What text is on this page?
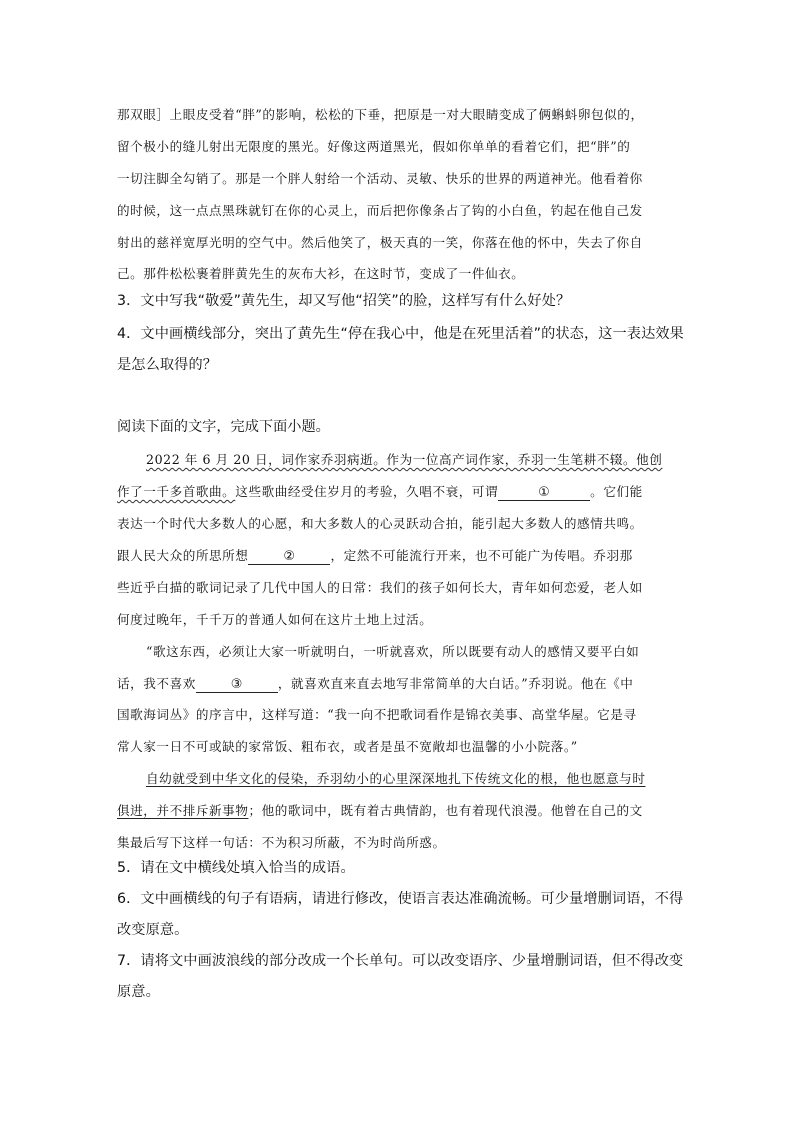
那双眼］上眼皮受着“胖”的影响，松松的下垂，把原是一对大眼睛变成了俩蝌蚪卵包似的，
留个极小的缝儿射出无限度的黑光。好像这两道黑光，假如你单单的看着它们，把“胖”的
一切注脚全勾销了。那是一个胖人射给一个活动、灵敏、快乐的世界的两道神光。他看着你
的时候，这一点点黑珠就钉在你的心灵上，而后把你像条占了钩的小白鱼，钓起在他自己发
射出的慈祥宽厚光明的空气中。然后他笑了，极天真的一笑，你落在他的怀中，失去了你自
己。那件松松裹着胖黄先生的灰布大衫，在这时节，变成了一件仙衣。
3．文中写我“敬爱”黄先生，却又写他“招笑”的脸，这样写有什么好处？
4．文中画横线部分，突出了黄先生“停在我心中，他是在死里活着”的状态，这一表达效果
是怎么取得的？
阅读下面的文字，完成下面小题。
2022 年 6 月 20 日，词作家乔羽病逝。作为一位高产词作家，乔羽一生笔耕不辍。他创
作了一千多首歌曲。这些歌曲经受住岁月的考验，久唱不衰，可谓	①	。它们能
表达一个时代大多数人的心愿，和大多数人的心灵跃动合拍，能引起大多数人的感情共鸣。
跟人民大众的所思所想	②	，定然不可能流行开来，也不可能广为传唱。乔羽那
些近乎白描的歌词记录了几代中国人的日常：我们的孩子如何长大，青年如何恋爱，老人如
何度过晚年，千千万的普通人如何在这片土地上过活。
“歌这东西，必须让大家一听就明白，一听就喜欢，所以既要有动人的感情又要平白如
话，我不喜欢	③	，就喜欢直来直去地写非常简单的大白话。”乔羽说。他在《中
国歌海词丛》的序言中，这样写道：“我一向不把歌词看作是锦衣美事、高堂华屋。它是寻
常人家一日不可或缺的家常饭、粗布衣，或者是虽不宽敞却也温馨的小小院落。”
自幼就受到中华文化的侵染，乔羽幼小的心里深深地扎下传统文化的根，他也愿意与时
俱进，并不排斥新事物；他的歌词中，既有着古典情韵，也有着现代浪漫。他曾在自己的文
集最后写下这样一句话：不为积习所蔽，不为时尚所惑。
5．请在文中横线处填入恰当的成语。
6．文中画横线的句子有语病，请进行修改，使语言表达准确流畅。可少量增删词语，不得
改变原意。
7．请将文中画波浪线的部分改成一个长单句。可以改变语序、少量增删词语，但不得改变
原意。
